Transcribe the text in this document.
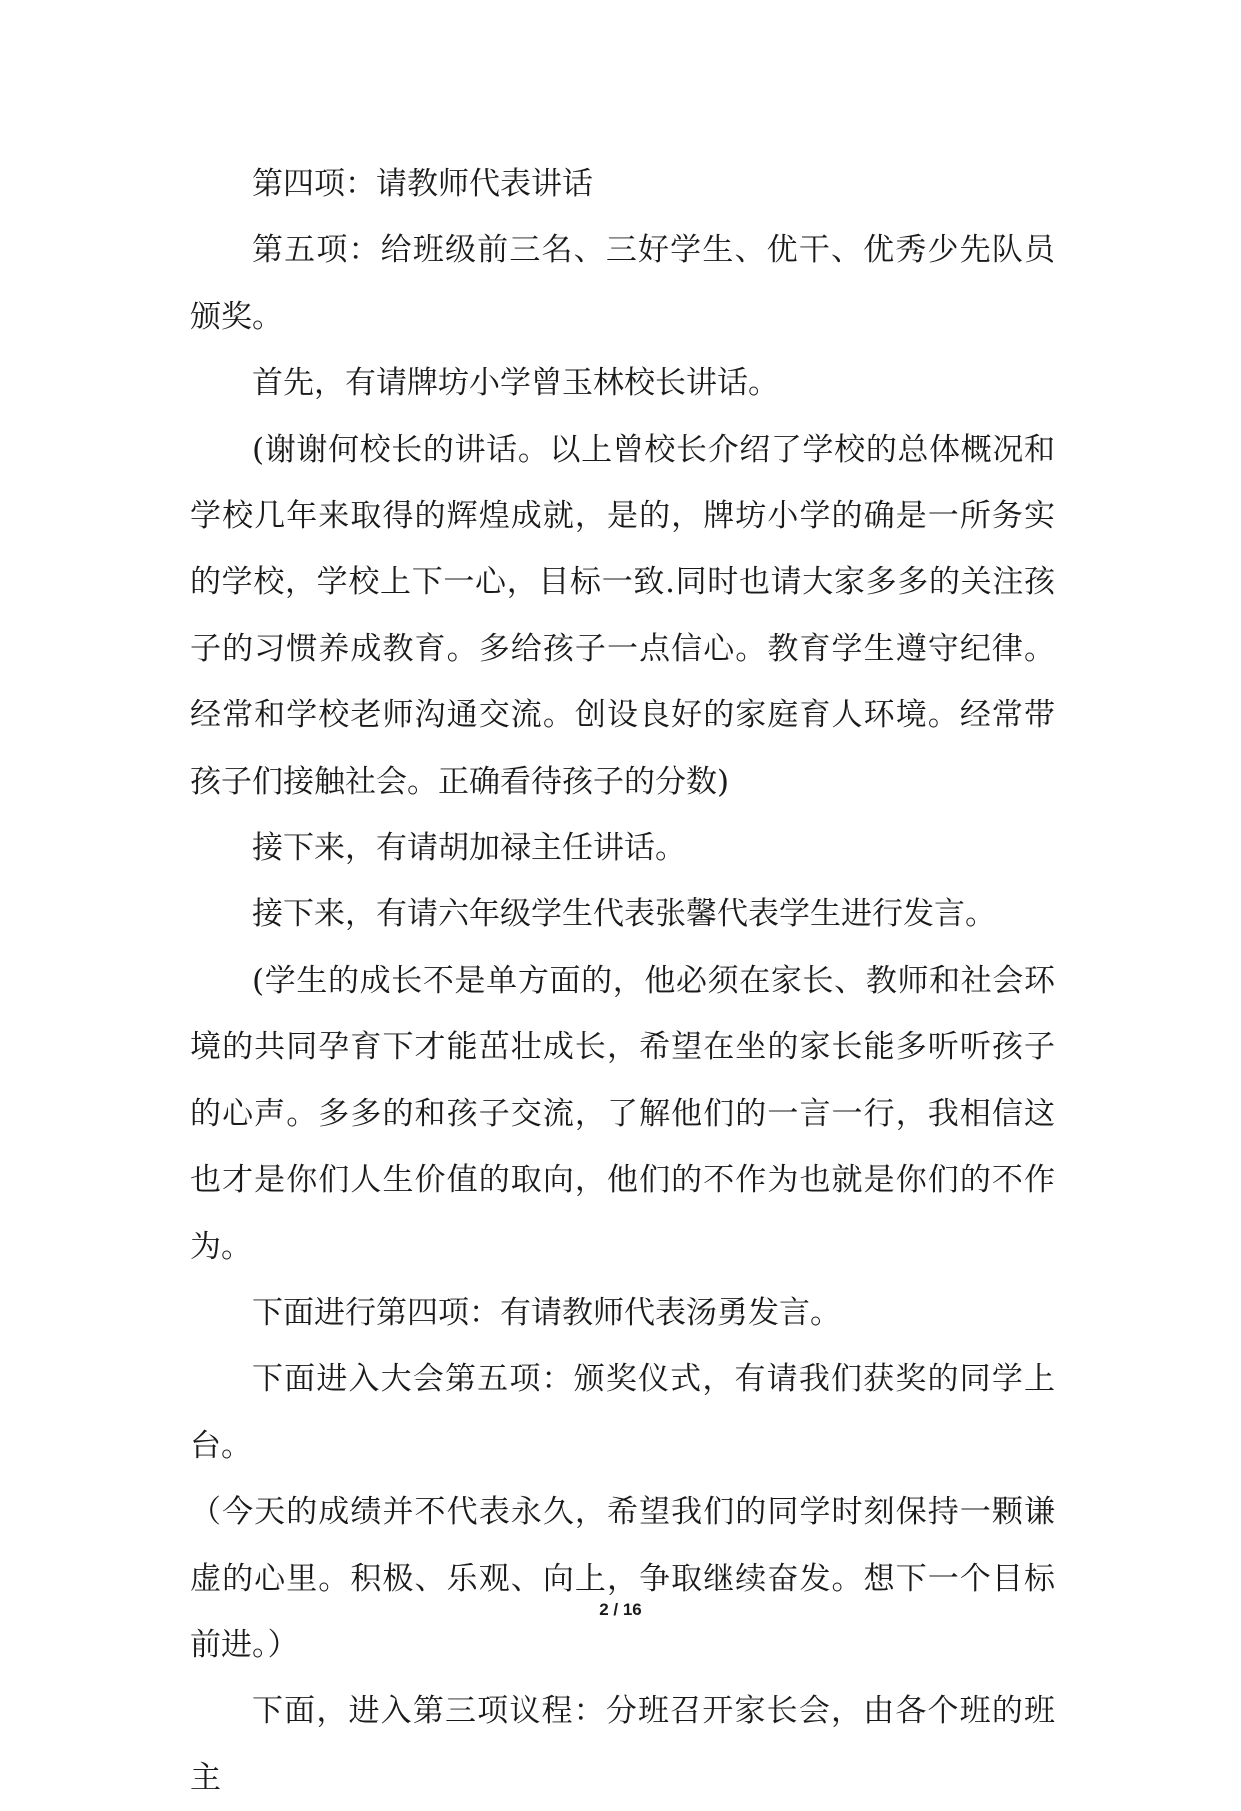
第四项：请教师代表讲话

第五项：给班级前三名、三好学生、优干、优秀少先队员颁奖。

首先，有请牌坊小学曾玉林校长讲话。

(谢谢何校长的讲话。以上曾校长介绍了学校的总体概况和学校几年来取得的辉煌成就，是的，牌坊小学的确是一所务实的学校，学校上下一心，目标一致.同时也请大家多多的关注孩子的习惯养成教育。多给孩子一点信心。教育学生遵守纪律。经常和学校老师沟通交流。创设良好的家庭育人环境。经常带孩子们接触社会。正确看待孩子的分数)

接下来，有请胡加禄主任讲话。

接下来，有请六年级学生代表张馨代表学生进行发言。

(学生的成长不是单方面的，他必须在家长、教师和社会环境的共同孕育下才能茁壮成长，希望在坐的家长能多听听孩子的心声。多多的和孩子交流，了解他们的一言一行，我相信这也才是你们人生价值的取向，他们的不作为也就是你们的不作为。

下面进行第四项：有请教师代表汤勇发言。

下面进入大会第五项：颁奖仪式，有请我们获奖的同学上台。

（今天的成绩并不代表永久，希望我们的同学时刻保持一颗谦虚的心里。积极、乐观、向上，争取继续奋发。想下一个目标前进。）

下面，进入第三项议程：分班召开家长会，由各个班的班主

2 / 16
